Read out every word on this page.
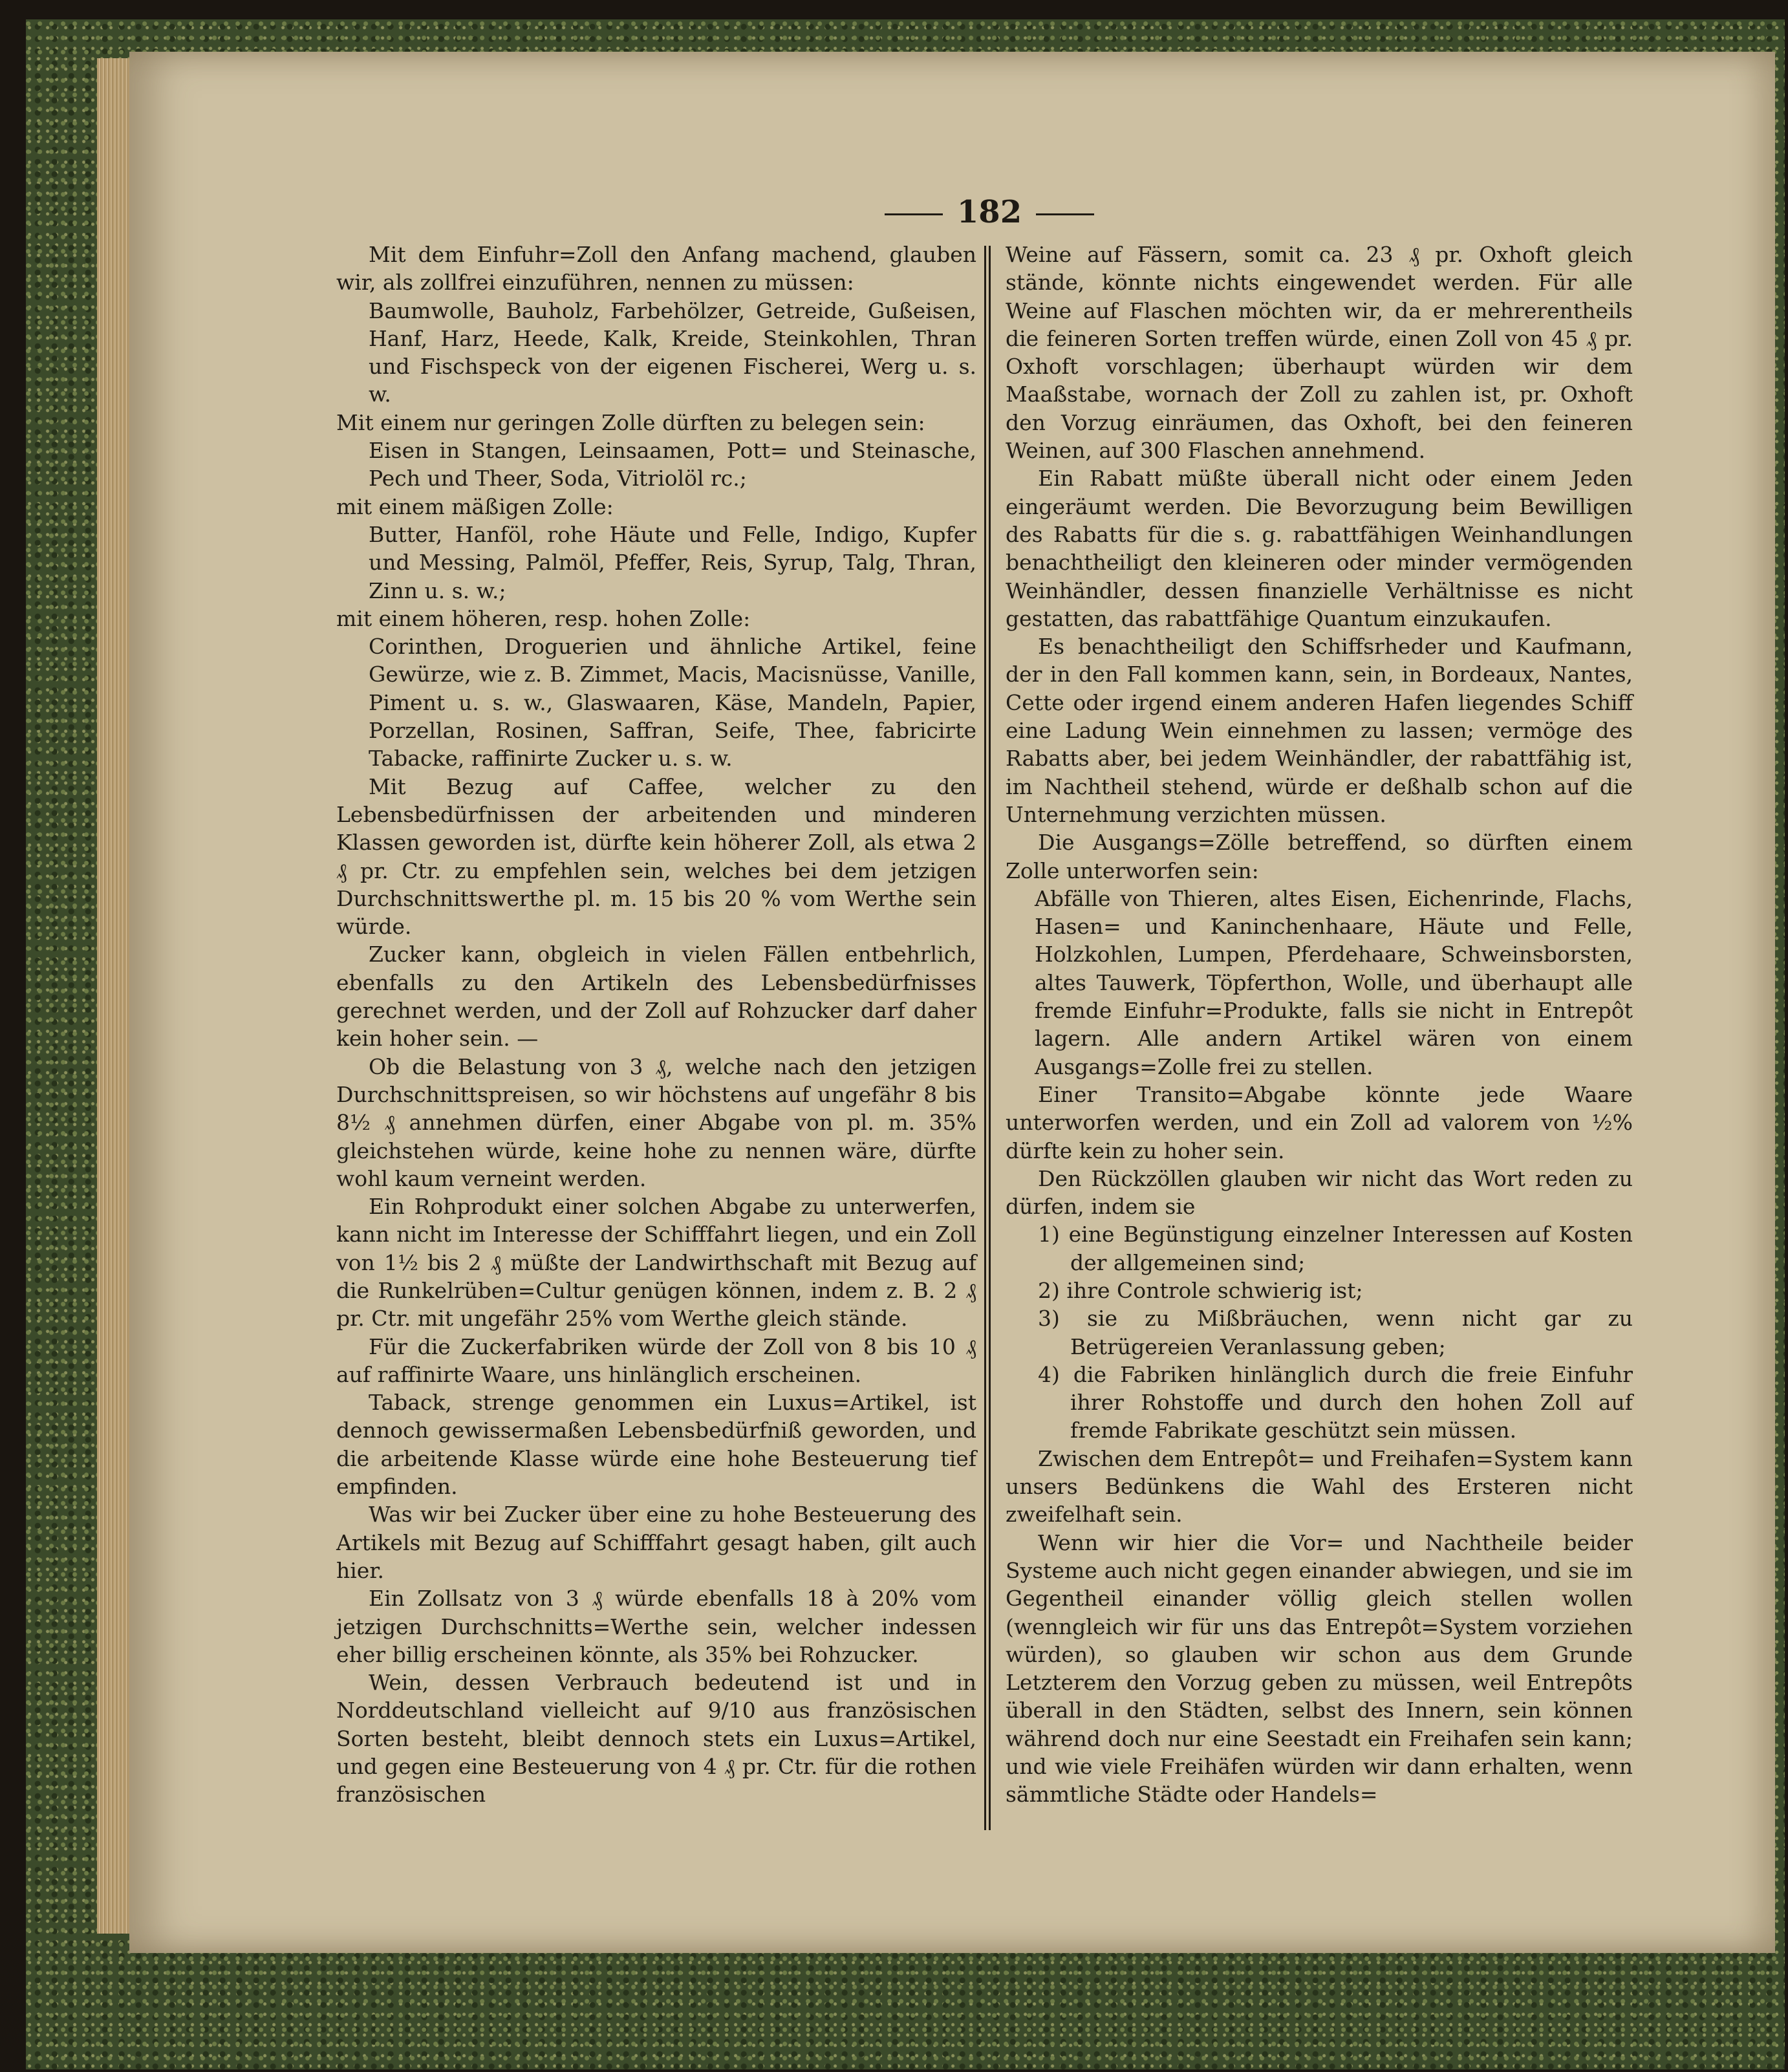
182

Mit dem Einfuhr=Zoll den Anfang machend, glauben wir, als zollfrei einzuführen, nennen zu müssen:

Baumwolle, Bauholz, Farbehölzer, Getreide, Gußeisen, Hanf, Harz, Heede, Kalk, Kreide, Steinkohlen, Thran und Fischspeck von der eigenen Fischerei, Werg u. s. w.

Mit einem nur geringen Zolle dürften zu belegen sein:

Eisen in Stangen, Leinsaamen, Pott= und Steinasche, Pech und Theer, Soda, Vitriolöl rc.;

mit einem mäßigen Zolle:

Butter, Hanföl, rohe Häute und Felle, Indigo, Kupfer und Messing, Palmöl, Pfeffer, Reis, Syrup, Talg, Thran, Zinn u. s. w.;

mit einem höheren, resp. hohen Zolle:

Corinthen, Droguerien und ähnliche Artikel, feine Gewürze, wie z. B. Zimmet, Macis, Macisnüsse, Vanille, Piment u. s. w., Glaswaaren, Käse, Mandeln, Papier, Porzellan, Rosinen, Saffran, Seife, Thee, fabricirte Tabacke, raffinirte Zucker u. s. w.

Mit Bezug auf Caffee, welcher zu den Lebensbedürfnissen der arbeitenden und minderen Klassen geworden ist, dürfte kein höherer Zoll, als etwa 2 ₰ pr. Ctr. zu empfehlen sein, welches bei dem jetzigen Durchschnittswerthe pl. m. 15 bis 20 % vom Werthe sein würde.

Zucker kann, obgleich in vielen Fällen entbehrlich, ebenfalls zu den Artikeln des Lebensbedürfnisses gerechnet werden, und der Zoll auf Rohzucker darf daher kein hoher sein. —

Ob die Belastung von 3 ₰, welche nach den jetzigen Durchschnittspreisen, so wir höchstens auf ungefähr 8 bis 8½ ₰ annehmen dürfen, einer Abgabe von pl. m. 35% gleichstehen würde, keine hohe zu nennen wäre, dürfte wohl kaum verneint werden.

Ein Rohprodukt einer solchen Abgabe zu unterwerfen, kann nicht im Interesse der Schifffahrt liegen, und ein Zoll von 1½ bis 2 ₰ müßte der Landwirthschaft mit Bezug auf die Runkelrüben=Cultur genügen können, indem z. B. 2 ₰ pr. Ctr. mit ungefähr 25% vom Werthe gleich stände.

Für die Zuckerfabriken würde der Zoll von 8 bis 10 ₰ auf raffinirte Waare, uns hinlänglich erscheinen.

Taback, strenge genommen ein Luxus=Artikel, ist dennoch gewissermaßen Lebensbedürfniß geworden, und die arbeitende Klasse würde eine hohe Besteuerung tief empfinden.

Was wir bei Zucker über eine zu hohe Besteuerung des Artikels mit Bezug auf Schifffahrt gesagt haben, gilt auch hier.

Ein Zollsatz von 3 ₰ würde ebenfalls 18 à 20% vom jetzigen Durchschnitts=Werthe sein, welcher indessen eher billig erscheinen könnte, als 35% bei Rohzucker.

Wein, dessen Verbrauch bedeutend ist und in Norddeutschland vielleicht auf 9/10 aus französischen Sorten besteht, bleibt dennoch stets ein Luxus=Artikel, und gegen eine Besteuerung von 4 ₰ pr. Ctr. für die rothen französischen

Weine auf Fässern, somit ca. 23 ₰ pr. Oxhoft gleich stände, könnte nichts eingewendet werden. Für alle Weine auf Flaschen möchten wir, da er mehrerentheils die feineren Sorten treffen würde, einen Zoll von 45 ₰ pr. Oxhoft vorschlagen; überhaupt würden wir dem Maaßstabe, wornach der Zoll zu zahlen ist, pr. Oxhoft den Vorzug einräumen, das Oxhoft, bei den feineren Weinen, auf 300 Flaschen annehmend.

Ein Rabatt müßte überall nicht oder einem Jeden eingeräumt werden. Die Bevorzugung beim Bewilligen des Rabatts für die s. g. rabattfähigen Weinhandlungen benachtheiligt den kleineren oder minder vermögenden Weinhändler, dessen finanzielle Verhältnisse es nicht gestatten, das rabattfähige Quantum einzukaufen.

Es benachtheiligt den Schiffsrheder und Kaufmann, der in den Fall kommen kann, sein, in Bordeaux, Nantes, Cette oder irgend einem anderen Hafen liegendes Schiff eine Ladung Wein einnehmen zu lassen; vermöge des Rabatts aber, bei jedem Weinhändler, der rabattfähig ist, im Nachtheil stehend, würde er deßhalb schon auf die Unternehmung verzichten müssen.

Die Ausgangs=Zölle betreffend, so dürften einem Zolle unterworfen sein:

Abfälle von Thieren, altes Eisen, Eichenrinde, Flachs, Hasen= und Kaninchenhaare, Häute und Felle, Holzkohlen, Lumpen, Pferdehaare, Schweinsborsten, altes Tauwerk, Töpferthon, Wolle, und überhaupt alle fremde Einfuhr=Produkte, falls sie nicht in Entrepôt lagern. Alle andern Artikel wären von einem Ausgangs=Zolle frei zu stellen.

Einer Transito=Abgabe könnte jede Waare unterworfen werden, und ein Zoll ad valorem von ½% dürfte kein zu hoher sein.

Den Rückzöllen glauben wir nicht das Wort reden zu dürfen, indem sie

1) eine Begünstigung einzelner Interessen auf Kosten der allgemeinen sind;

2) ihre Controle schwierig ist;

3) sie zu Mißbräuchen, wenn nicht gar zu Betrügereien Veranlassung geben;

4) die Fabriken hinlänglich durch die freie Einfuhr ihrer Rohstoffe und durch den hohen Zoll auf fremde Fabrikate geschützt sein müssen.

Zwischen dem Entrepôt= und Freihafen=System kann unsers Bedünkens die Wahl des Ersteren nicht zweifelhaft sein.

Wenn wir hier die Vor= und Nachtheile beider Systeme auch nicht gegen einander abwiegen, und sie im Gegentheil einander völlig gleich stellen wollen (wenngleich wir für uns das Entrepôt=System vorziehen würden), so glauben wir schon aus dem Grunde Letzterem den Vorzug geben zu müssen, weil Entrepôts überall in den Städten, selbst des Innern, sein können während doch nur eine Seestadt ein Freihafen sein kann; und wie viele Freihäfen würden wir dann erhalten, wenn sämmtliche Städte oder Handels=
